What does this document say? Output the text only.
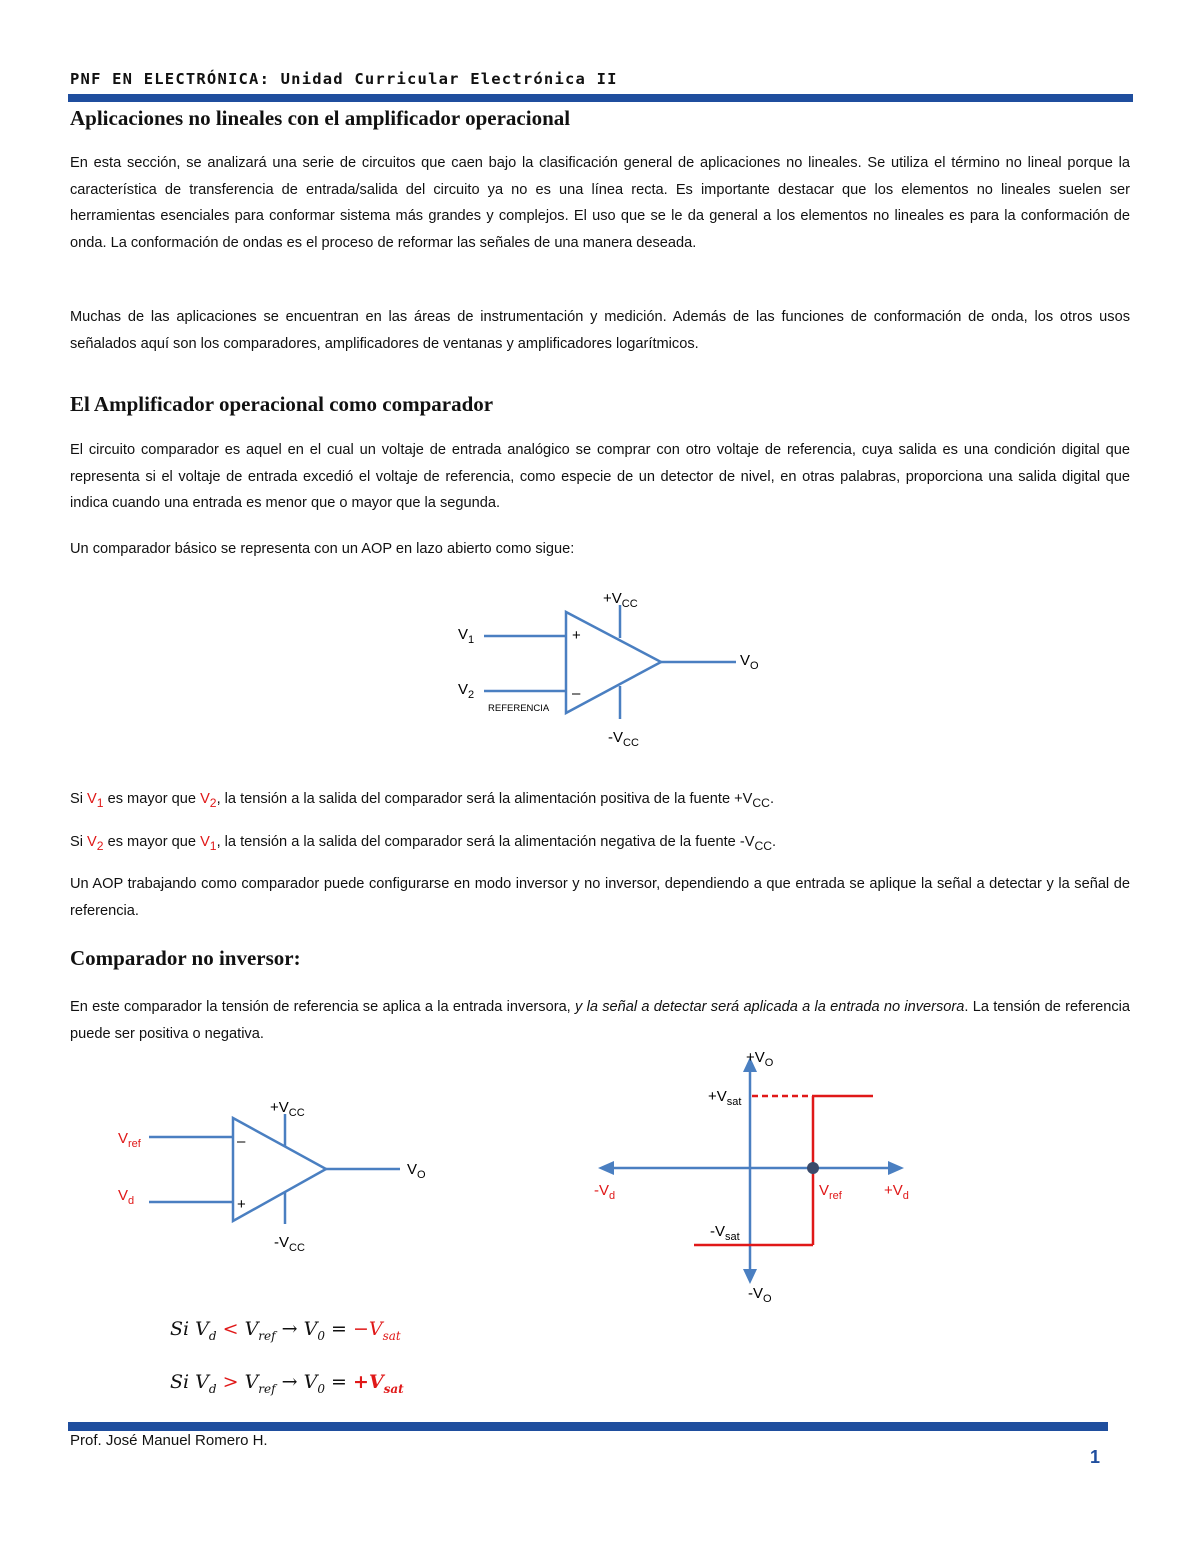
PNF EN ELECTRÓNICA: Unidad Curricular Electrónica II
Aplicaciones no lineales con el amplificador operacional
En esta sección, se analizará una serie de circuitos que caen bajo la clasificación general de aplicaciones no lineales. Se utiliza el término no lineal porque la característica de transferencia de entrada/salida del circuito ya no es una línea recta. Es importante destacar que los elementos no lineales suelen ser herramientas esenciales para conformar sistema más grandes y complejos. El uso que se le da general a los elementos no lineales es para la conformación de onda. La conformación de ondas es el proceso de reformar las señales de una manera deseada.
Muchas de las aplicaciones se encuentran en las áreas de instrumentación y medición. Además de las funciones de conformación de onda, los otros usos señalados aquí son los comparadores, amplificadores de ventanas y amplificadores logarítmicos.
El Amplificador operacional como comparador
El circuito comparador es aquel en el cual un voltaje de entrada analógico se comprar con otro voltaje de referencia, cuya salida es una condición digital que representa si el voltaje de entrada excedió el voltaje de referencia, como especie de un detector de nivel, en otras palabras, proporciona una salida digital que indica cuando una entrada es menor que o mayor que la segunda.
Un comparador básico se representa con un AOP en lazo abierto como sigue:
$+V_{CC}$
$-V_{CC}$
$V_1$
$V_2$
$V_O$
+
–
REFERENCIA
Si $V_1$ es mayor que $V_2$, la tensión a la salida del comparador será la alimentación positiva de la fuente $+V_{CC}$.
Si $V_2$ es mayor que $V_1$, la tensión a la salida del comparador será la alimentación negativa de la fuente $-V_{CC}$.
Un AOP trabajando como comparador puede configurarse en modo inversor y no inversor, dependiendo a que entrada se aplique la señal a detectar y la señal de referencia.
Comparador no inversor:
En este comparador la tensión de referencia se aplica a la entrada inversora, y la señal a detectar será aplicada a la entrada no inversora. La tensión de referencia puede ser positiva o negativa.
$+V_{CC}$
$-V_{CC}$
$V_{ref}$
$V_d$
$V_O$
–
+
$+V_O$
$-V_O$
$+V_{sat}$
$-V_{sat}$
$-V_d$	$+V_d$
$V_{ref}$
Si $V_d < V_{ref} \to V_0 = -V_{sat}$
Si $V_d > V_{ref} \to V_0 = +V_{sat}$
Prof. José Manuel Romero H.
1
